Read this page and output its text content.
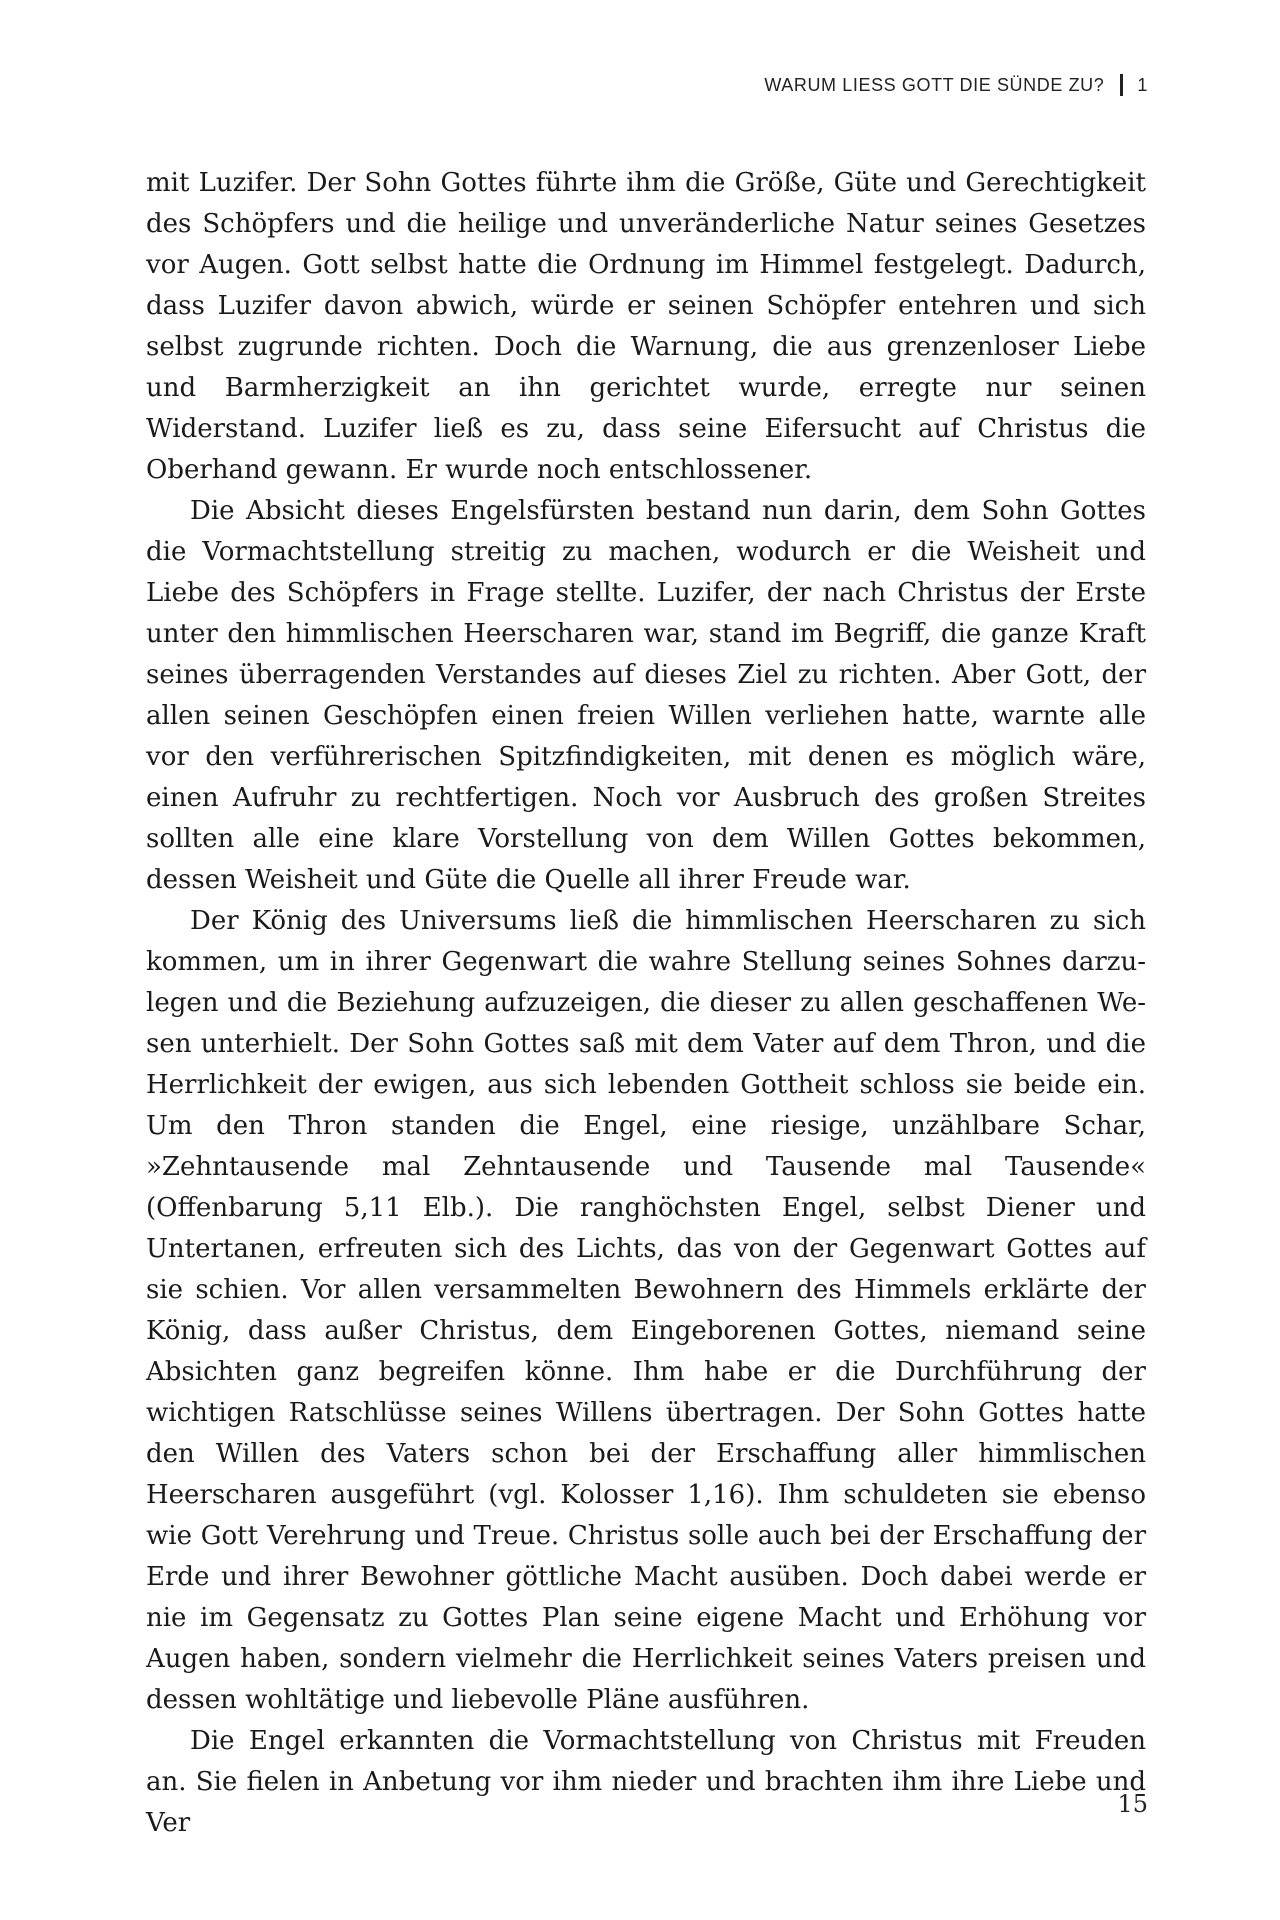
WARUM LIESS GOTT DIE SÜNDE ZU? 1

mit Luzifer. Der Sohn Gottes führte ihm die Größe, Güte und Gerechtigkeit des Schöpfers und die heilige und unveränderliche Natur seines Gesetzes vor Augen. Gott selbst hatte die Ordnung im Himmel festgelegt. Dadurch, dass Luzifer davon abwich, würde er seinen Schöpfer entehren und sich selbst zugrunde richten. Doch die Warnung, die aus grenzenloser Liebe und Barmherzigkeit an ihn gerichtet wurde, erregte nur seinen Widerstand. Luzifer ließ es zu, dass seine Eifersucht auf Christus die Oberhand gewann. Er wurde noch entschlossener.

Die Absicht dieses Engelsfürsten bestand nun darin, dem Sohn Gottes die Vormachtstellung streitig zu machen, wodurch er die Weisheit und Liebe des Schöpfers in Frage stellte. Luzifer, der nach Christus der Erste unter den himmlischen Heerscharen war, stand im Begriff, die ganze Kraft seines überragenden Verstandes auf dieses Ziel zu richten. Aber Gott, der allen seinen Geschöpfen einen freien Willen verliehen hatte, warnte alle vor den verführerischen Spitzfindigkeiten, mit denen es möglich wäre, einen Aufruhr zu rechtfertigen. Noch vor Ausbruch des großen Streites sollten alle eine klare Vorstellung von dem Willen Gottes bekommen, dessen Weisheit und Güte die Quelle all ihrer Freude war.

Der König des Universums ließ die himmlischen Heerscharen zu sich kommen, um in ihrer Gegenwart die wahre Stellung seines Sohnes darzulegen und die Beziehung aufzuzeigen, die dieser zu allen geschaffenen Wesen unterhielt. Der Sohn Gottes saß mit dem Vater auf dem Thron, und die Herrlichkeit der ewigen, aus sich lebenden Gottheit schloss sie beide ein. Um den Thron standen die Engel, eine riesige, unzählbare Schar, »Zehntausende mal Zehntausende und Tausende mal Tausende« (Offenbarung 5,11 Elb.). Die ranghöchsten Engel, selbst Diener und Untertanen, erfreuten sich des Lichts, das von der Gegenwart Gottes auf sie schien. Vor allen versammelten Bewohnern des Himmels erklärte der König, dass außer Christus, dem Eingeborenen Gottes, niemand seine Absichten ganz begreifen könne. Ihm habe er die Durchführung der wichtigen Ratschlüsse seines Willens übertragen. Der Sohn Gottes hatte den Willen des Vaters schon bei der Erschaffung aller himmlischen Heerscharen ausgeführt (vgl. Kolosser 1,16). Ihm schuldeten sie ebenso wie Gott Verehrung und Treue. Christus solle auch bei der Erschaffung der Erde und ihrer Bewohner göttliche Macht ausüben. Doch dabei werde er nie im Gegensatz zu Gottes Plan seine eigene Macht und Erhöhung vor Augen haben, sondern vielmehr die Herrlichkeit seines Vaters preisen und dessen wohltätige und liebevolle Pläne ausführen.

Die Engel erkannten die Vormachtstellung von Christus mit Freuden an. Sie fielen in Anbetung vor ihm nieder und brachten ihm ihre Liebe und Ver

15
